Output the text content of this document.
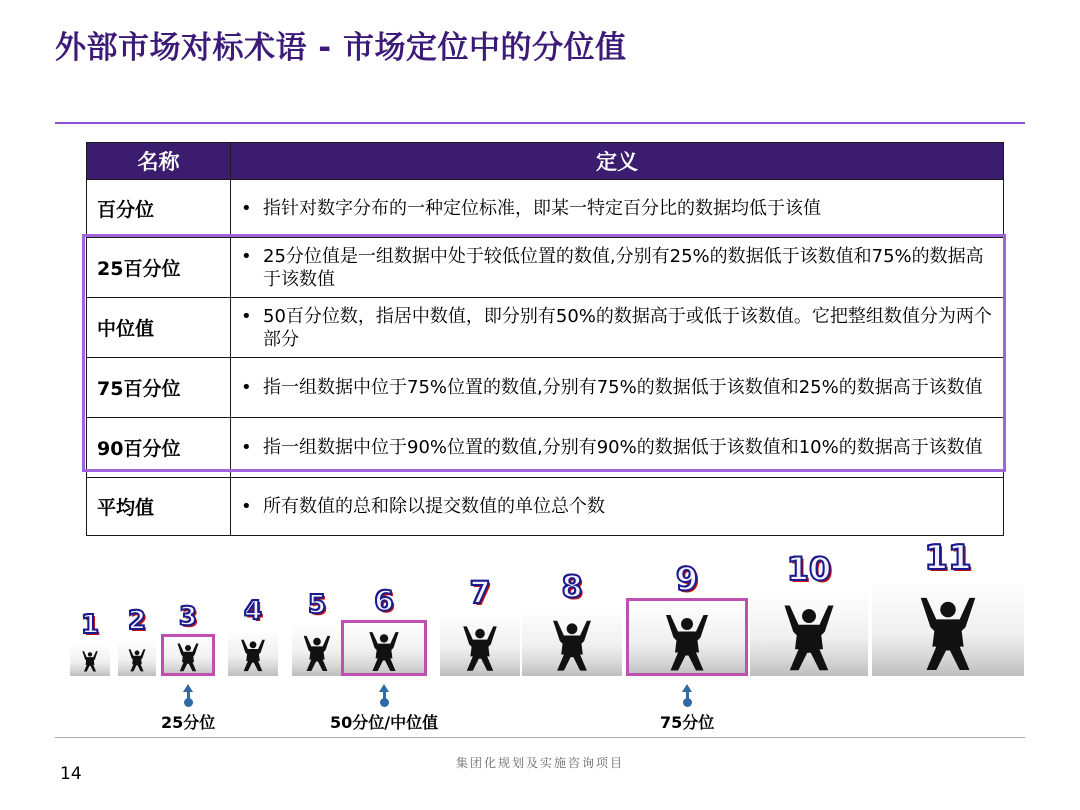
外部市场对标术语 - 市场定位中的分位值
名称	定义
百分位	• 指针对数字分布的一种定位标准，即某一特定百分比的数据均低于该值

25百分位	• 25分位值是一组数据中处于较低位置的数值,分别有25%的数据低于该数值和75%的数据高于该数值

中位值	• 50百分位数，指居中数值，即分别有50%的数据高于或低于该数值。它把整组数值分为两个部分

75百分位	• 指一组数据中位于75%位置的数值,分别有75%的数据低于该数值和25%的数据高于该数值

90百分位	• 指一组数据中位于90%位置的数值,分别有90%的数据低于该数值和10%的数据高于该数值

平均值	• 所有数值的总和除以提交数值的单位总个数
1	2	3	4	5	6	7	8	9	10	11
25分位	50分位/中位值	75分位
集团化规划及实施咨询项目
14
